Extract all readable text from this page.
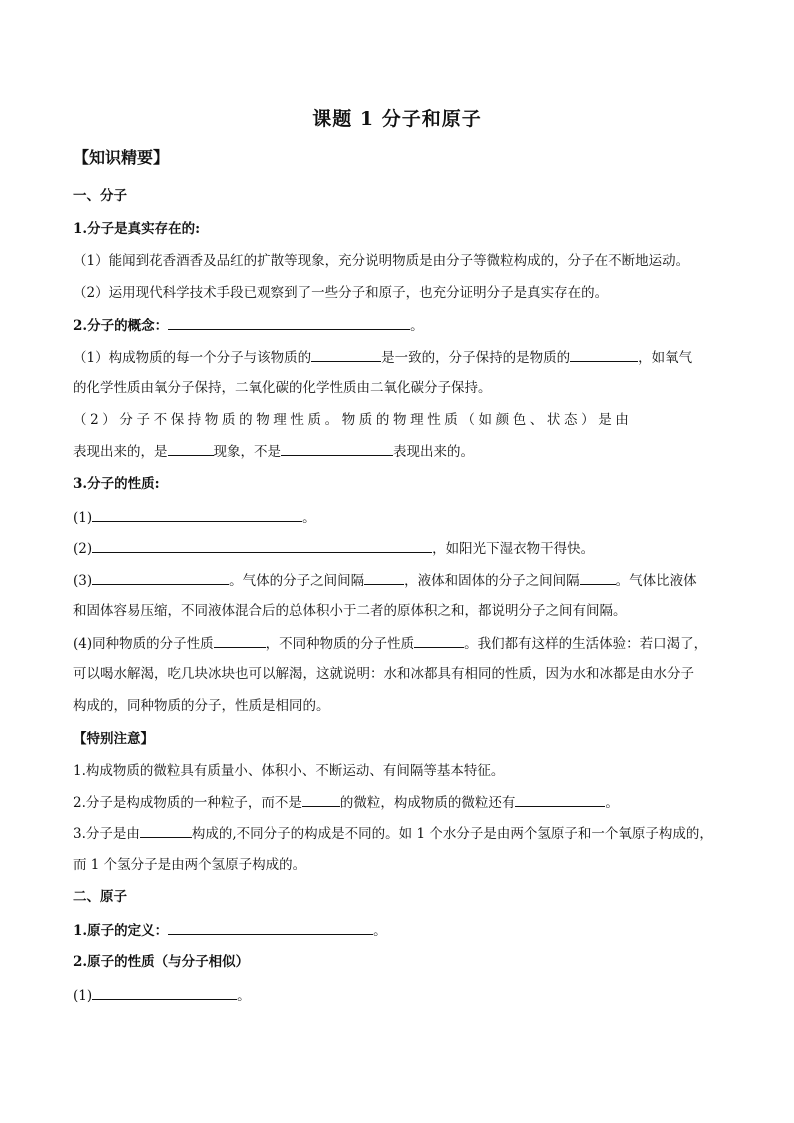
课题 1 分子和原子
【知识精要】
一、分子
1.分子是真实存在的:
（1）能闻到花香酒香及品红的扩散等现象，充分说明物质是由分子等微粒构成的，分子在不断地运动。
（2）运用现代科学技术手段已观察到了一些分子和原子，也充分证明分子是真实存在的。
2.分子的概念：	。
（1）构成物质的每一个分子与该物质的	是一致的，分子保持的是物质的	，如氧气
的化学性质由氧分子保持，二氧化碳的化学性质由二氧化碳分子保持。
（2）分子不保持物质的物理性质。物质的物理性质（如颜色、状态）是由
表现出来的，是	现象，不是	表现出来的。
3.分子的性质:
(1)	。
(2)	，如阳光下湿衣物干得快。
(3)	。气体的分子之间间隔	，液体和固体的分子之间间隔	。气体比液体
和固体容易压缩，不同液体混合后的总体积小于二者的原体积之和，都说明分子之间有间隔。
(4)同种物质的分子性质	，不同种物质的分子性质	。我们都有这样的生活体验：若口渴了，
可以喝水解渴，吃几块冰块也可以解渴，这就说明：水和冰都具有相同的性质，因为水和冰都是由水分子
构成的，同种物质的分子，性质是相同的。
【特别注意】
1.构成物质的微粒具有质量小、体积小、不断运动、有间隔等基本特征。
2.分子是构成物质的一种粒子，而不是	的微粒，构成物质的微粒还有	。
3.分子是由	构成的,不同分子的构成是不同的。如 1 个水分子是由两个氢原子和一个氧原子构成的，
而 1 个氢分子是由两个氢原子构成的。
二、原子
1.原子的定义：	。
2.原子的性质（与分子相似）
(1)	。
